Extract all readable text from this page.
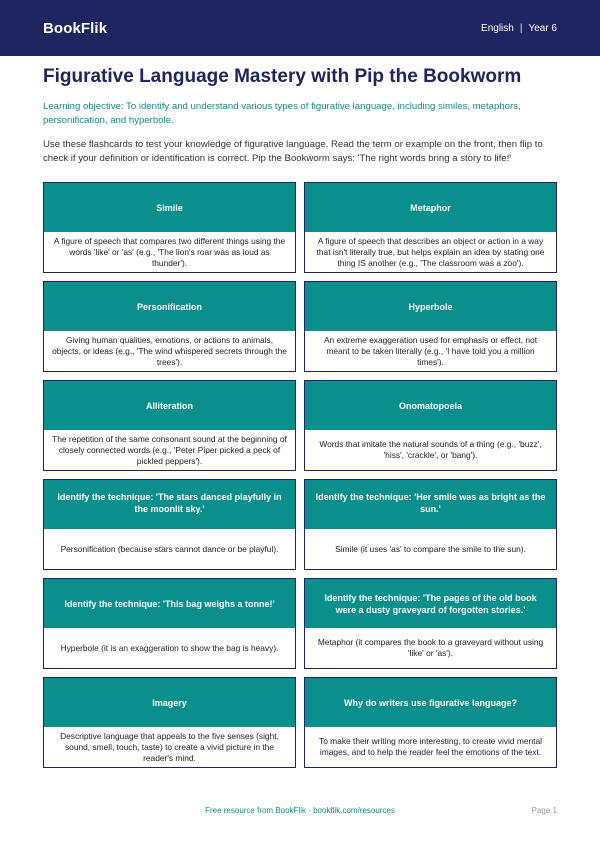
BookFlik	English | Year 6
Figurative Language Mastery with Pip the Bookworm

Learning objective: To identify and understand various types of figurative language, including similes, metaphors, personification, and hyperbole.

Use these flashcards to test your knowledge of figurative language. Read the term or example on the front, then flip to check if your definition or identification is correct. Pip the Bookworm says: 'The right words bring a story to life!'

Simile
A figure of speech that compares two different things using the words 'like' or 'as' (e.g., 'The lion's roar was as loud as thunder').
Metaphor
A figure of speech that describes an object or action in a way that isn't literally true, but helps explain an idea by stating one thing IS another (e.g., 'The classroom was a zoo').
Personification
Giving human qualities, emotions, or actions to animals, objects, or ideas (e.g., 'The wind whispered secrets through the trees').
Hyperbole
An extreme exaggeration used for emphasis or effect, not meant to be taken literally (e.g., 'I have told you a million times').
Alliteration
The repetition of the same consonant sound at the beginning of closely connected words (e.g., 'Peter Piper picked a peck of pickled peppers').
Onomatopoeia
Words that imitate the natural sounds of a thing (e.g., 'buzz', 'hiss', 'crackle', or 'bang').
Identify the technique: 'The stars danced playfully in the moonlit sky.'
Personification (because stars cannot dance or be playful).
Identify the technique: 'Her smile was as bright as the sun.'
Simile (it uses 'as' to compare the smile to the sun).
Identify the technique: 'This bag weighs a tonne!'
Hyperbole (it is an exaggeration to show the bag is heavy).
Identify the technique: 'The pages of the old book were a dusty graveyard of forgotten stories.'
Metaphor (it compares the book to a graveyard without using 'like' or 'as').
Imagery
Descriptive language that appeals to the five senses (sight, sound, smell, touch, taste) to create a vivid picture in the reader's mind.
Why do writers use figurative language?
To make their writing more interesting, to create vivid mental images, and to help the reader feel the emotions of the text.
Free resource from BookFlik · bookflik.com/resources	Page 1
